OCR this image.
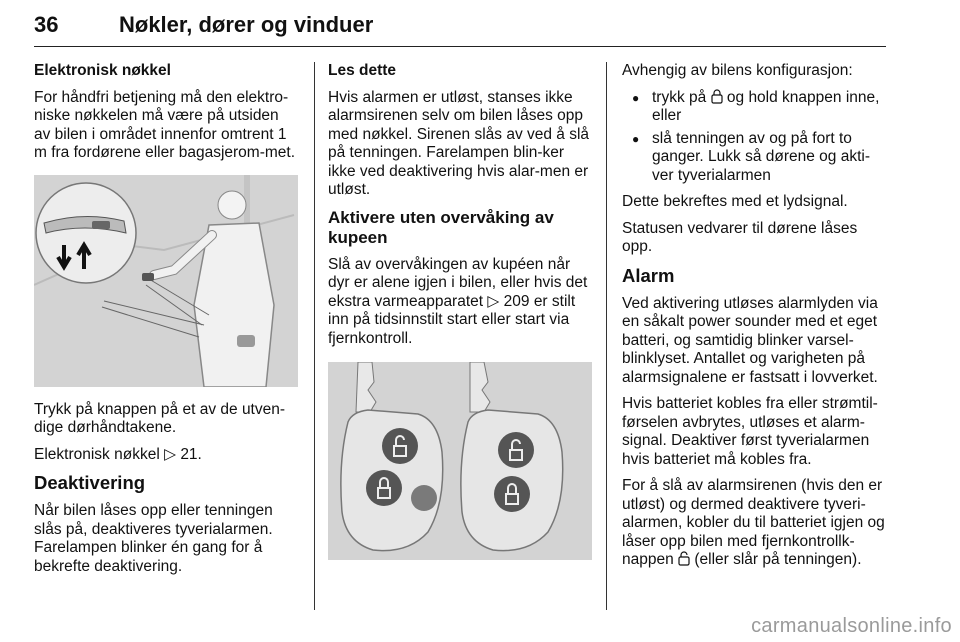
36	Nøkler, dører og vinduer

Elektronisk nøkkel

For håndfri betjening må den elektro-niske nøkkelen må være på utsiden av bilen i området innenfor omtrent 1 m fra fordørene eller bagasjerom-met.

Trykk på knappen på et av de utven-dige dørhåndtakene.

Elektronisk nøkkel ▷ 21.

Deaktivering

Når bilen låses opp eller tenningen slås på, deaktiveres tyverialarmen. Farelampen blinker én gang for å bekrefte deaktivering.

Les dette

Hvis alarmen er utløst, stanses ikke alarmsirenen selv om bilen låses opp med nøkkel. Sirenen slås av ved å slå på tenningen. Farelampen blin-ker ikke ved deaktivering hvis alar-men er utløst.

Aktivere uten overvåking av kupeen

Slå av overvåkingen av kupéen når dyr er alene igjen i bilen, eller hvis det ekstra varmeapparatet ▷ 209 er stilt inn på tidsinnstilt start eller start via fjernkontroll.

Avhengig av bilens konfigurasjon:

● trykk på og hold knappen inne, eller
● slå tenningen av og på fort to ganger. Lukk så dørene og akti-ver tyverialarmen

Dette bekreftes med et lydsignal.

Statusen vedvarer til dørene låses opp.

Alarm

Ved aktivering utløses alarmlyden via en såkalt power sounder med et eget batteri, og samtidig blinker varsel-blinklyset. Antallet og varigheten på alarmsignalene er fastsatt i lovverket.

Hvis batteriet kobles fra eller strømtil-førselen avbrytes, utløses et alarm-signal. Deaktiver først tyverialarmen hvis batteriet må kobles fra.

For å slå av alarmsirenen (hvis den er utløst) og dermed deaktivere tyveri-alarmen, kobler du til batteriet igjen og låser opp bilen med fjernkontrollk-nappen (eller slår på tenningen).

carmanualsonline.info
